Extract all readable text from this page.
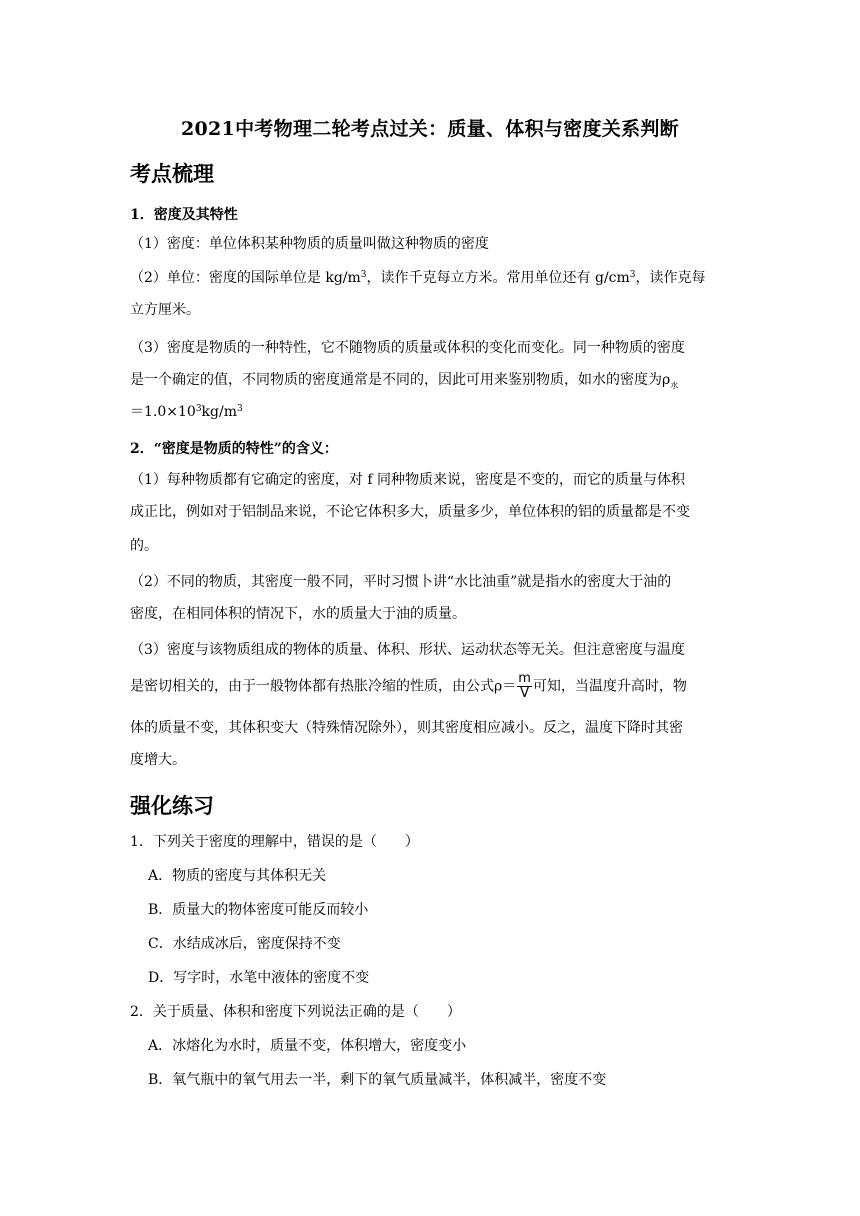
2021中考物理二轮考点过关：质量、体积与密度关系判断
考点梳理
1．密度及其特性
（1）密度：单位体积某种物质的质量叫做这种物质的密度
（2）单位：密度的国际单位是 $kg/m^3$，读作千克每立方米。常用单位还有 $g/cm^3$，读作克每
立方厘米。
（3）密度是物质的一种特性，它不随物质的质量或体积的变化而变化。同一种物质的密度
是一个确定的值，不同物质的密度通常是不同的，因此可用来鉴别物质，如水的密度为$\rho_水$
$=1.0\times 10^3kg/m^3$
2．“密度是物质的特性”的含义：
（1）每种物质都有它确定的密度，对 f 同种物质来说，密度是不变的，而它的质量与体积
成正比，例如对于铝制品来说，不论它体积多大，质量多少，单位体积的铝的质量都是不变
的。
（2）不同的物质，其密度一般不同，平时习惯卜讲“水比油重”就是指水的密度大于油的
密度，在相同体积的情况下，水的质量大于油的质量。
（3）密度与该物质组成的物体的质量、体积、形状、运动状态等无关。但注意密度与温度
是密切相关的，由于一般物体都有热胀冷缩的性质，由公式$\rho= \frac{m}{V}$ 可知，当温度升高时，物
体的质量不变，其体积变大（特殊情况除外），则其密度相应减小。反之，温度下降时其密
度增大。
强化练习
1．下列关于密度的理解中，错误的是（　　）
A．物质的密度与其体积无关
B．质量大的物体密度可能反而较小
C．水结成冰后，密度保持不变
D．写字时，水笔中液体的密度不变
2．关于质量、体积和密度下列说法正确的是（　　）
A．冰熔化为水时，质量不变，体积增大，密度变小
B．氧气瓶中的氧气用去一半，剩下的氧气质量减半，体积减半，密度不变
